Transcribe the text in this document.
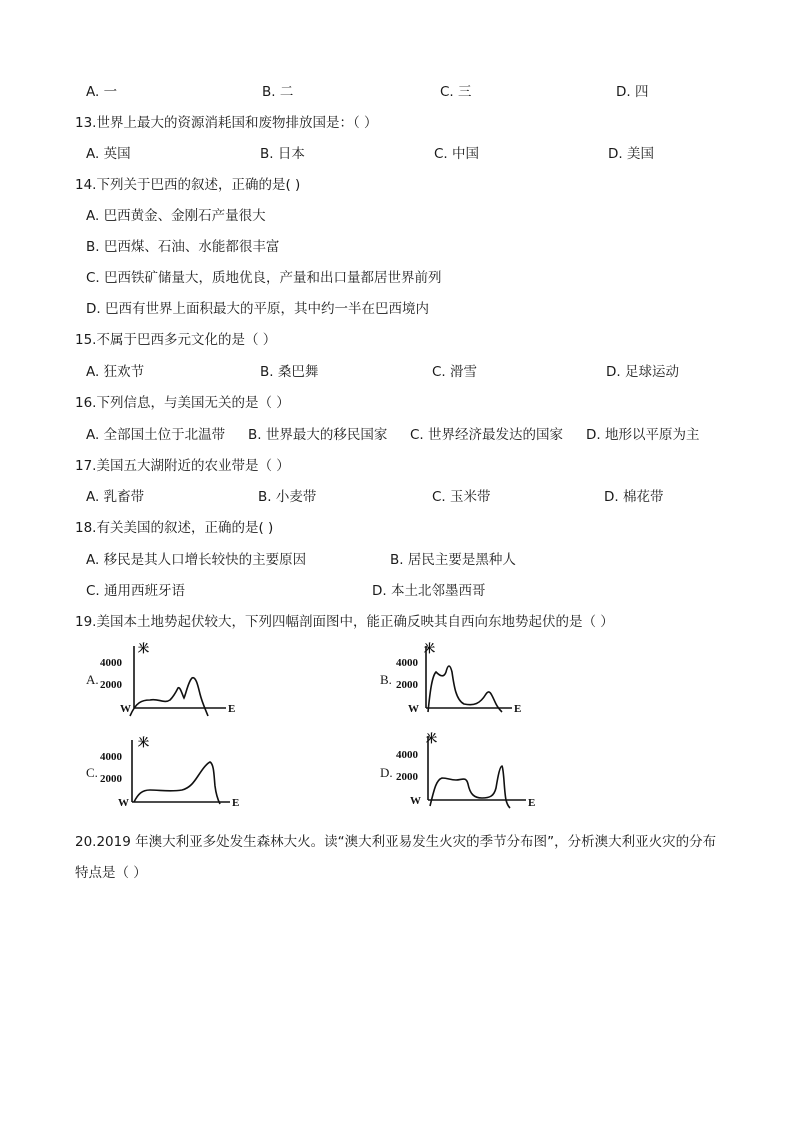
A. 一	B. 二	C. 三	D. 四
13.世界上最大的资源消耗国和废物排放国是：（ ）
A. 英国	B. 日本	C. 中国	D. 美国
14.下列关于巴西的叙述，正确的是( )
A. 巴西黄金、金刚石产量很大
B. 巴西煤、石油、水能都很丰富
C. 巴西铁矿储量大，质地优良，产量和出口量都居世界前列
D. 巴西有世界上面积最大的平原，其中约一半在巴西境内
15.不属于巴西多元文化的是（ ）
A. 狂欢节	B. 桑巴舞	C. 滑雪	D. 足球运动
16.下列信息，与美国无关的是（ ）
A. 全部国土位于北温带 B. 世界最大的移民国家 C. 世界经济最发达的国家 D. 地形以平原为主
17.美国五大湖附近的农业带是（ ）
A. 乳畜带	B. 小麦带	C. 玉米带	D. 棉花带
18.有关美国的叙述，正确的是( )
A. 移民是其人口增长较快的主要原因	B. 居民主要是黑种人
C. 通用西班牙语	D. 本土北邻墨西哥
19.美国本土地势起伏较大，下列四幅剖面图中，能正确反映其自西向东地势起伏的是（ ）
A.
米
4000
2000
W	E
B.
米
4000
2000
W	E
C.
米
4000
2000
W	E
D.
米
4000
2000
W	E
20.2019 年澳大利亚多处发生森林大火。读“澳大利亚易发生火灾的季节分布图”，分析澳大利亚火灾的分布
特点是（ ）
